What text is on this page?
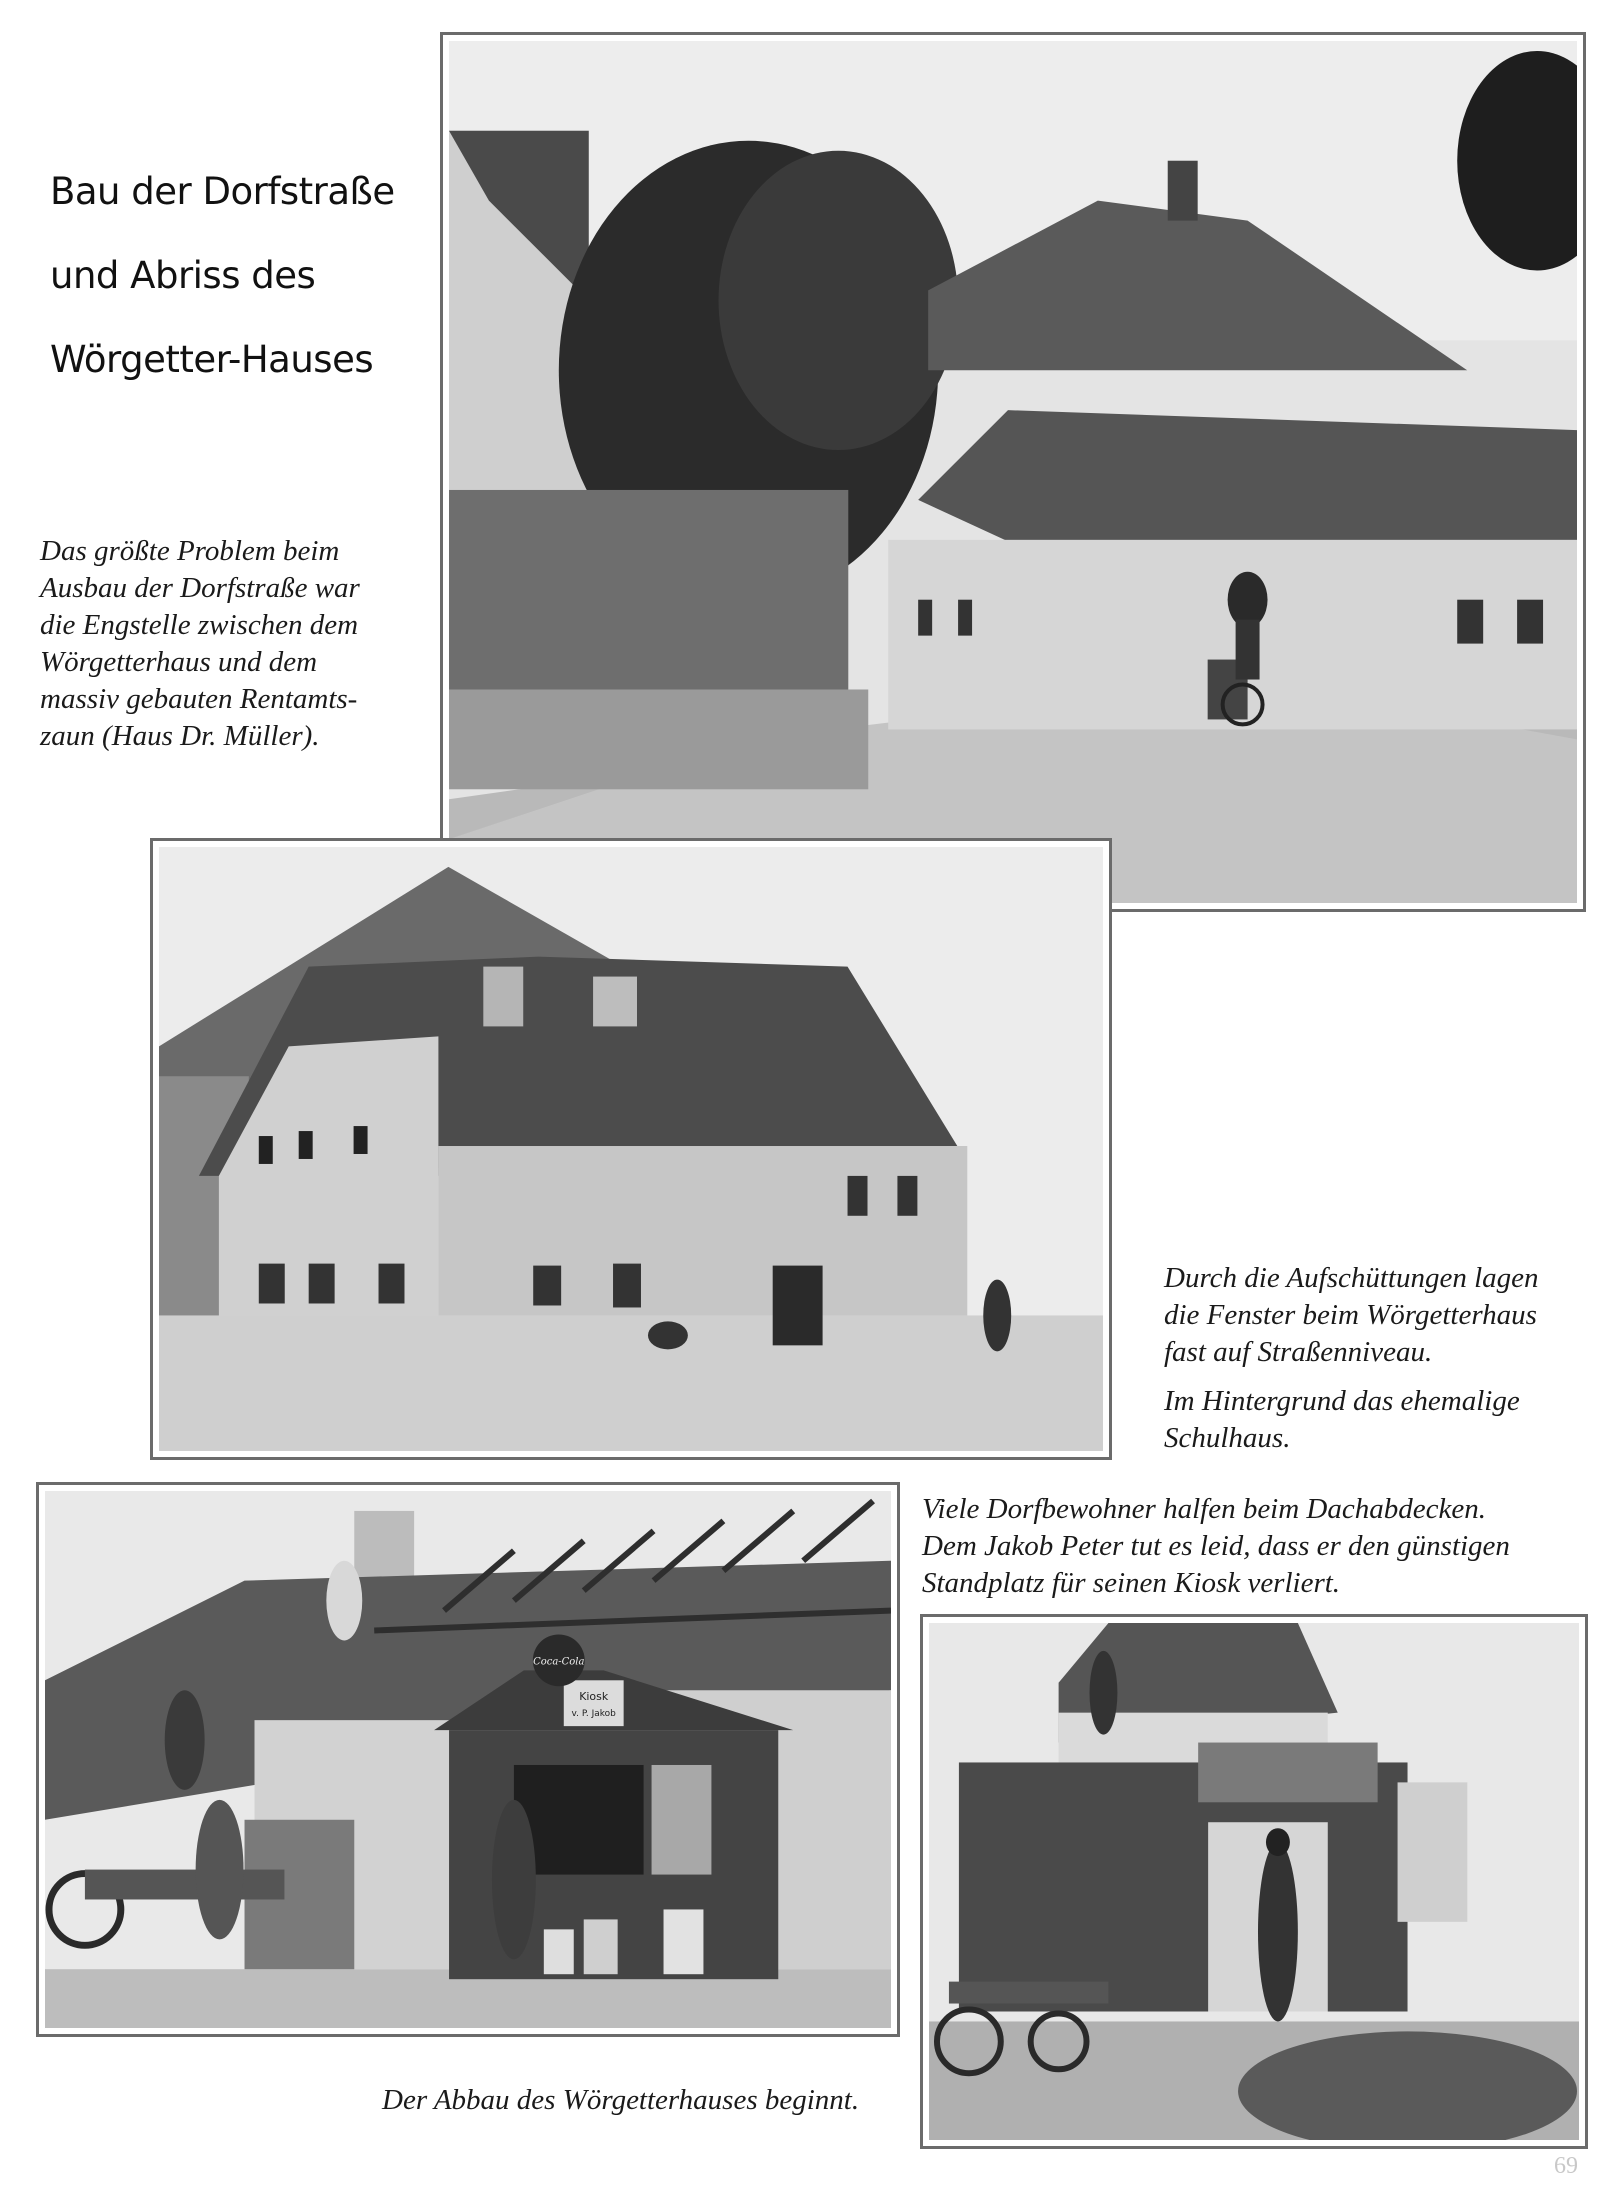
Bau der Dorfstraße
und Abriss des
Wörgetter-Hauses
Das größte Problem beim
Ausbau der Dorfstraße war
die Engstelle zwischen dem
Wörgetterhaus und dem
massiv gebauten Rentamts-
zaun (Haus Dr. Müller).
Durch die Aufschüttungen lagen
die Fenster beim Wörgetterhaus
fast auf Straßenniveau.
Im Hintergrund das ehemalige
Schulhaus.
Viele Dorfbewohner halfen beim Dachabdecken.
Dem Jakob Peter tut es leid, dass er den günstigen
Standplatz für seinen Kiosk verliert.
Kiosk
v. P. Jakob
Coca-Cola
Der Abbau des Wörgetterhauses beginnt.
69
